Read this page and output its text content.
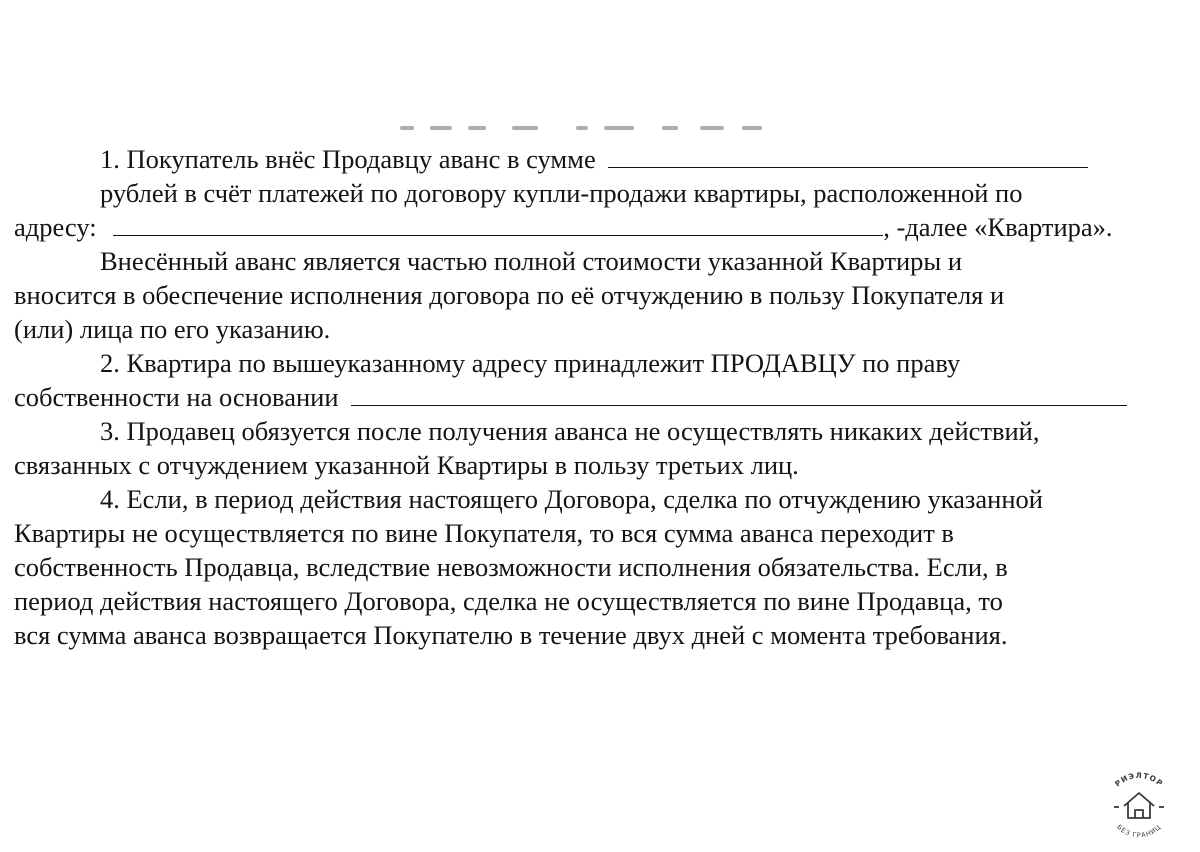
1. Покупатель внёс Продавцу аванс в сумме
рублей в счёт платежей по договору купли-продажи квартиры, расположенной по
адресу:	, -далее «Квартира».
Внесённый аванс является частью полной стоимости указанной Квартиры и
вносится в обеспечение исполнения договора по её отчуждению в пользу Покупателя и
(или) лица по его указанию.
2. Квартира по вышеуказанному адресу принадлежит ПРОДАВЦУ по праву
собственности на основании
3. Продавец обязуется после получения аванса не осуществлять никаких действий,
связанных с отчуждением указанной Квартиры в пользу третьих лиц.
4. Если, в период действия настоящего Договора, сделка по отчуждению указанной
Квартиры не осуществляется по вине Покупателя, то вся сумма аванса переходит в
собственность Продавца, вследствие невозможности исполнения обязательства. Если, в
период действия настоящего Договора, сделка не осуществляется по вине Продавца, то
вся сумма аванса возвращается Покупателю в течение двух дней с момента требования.
РИЭЛТОР
БЕЗ ГРАНИЦ
